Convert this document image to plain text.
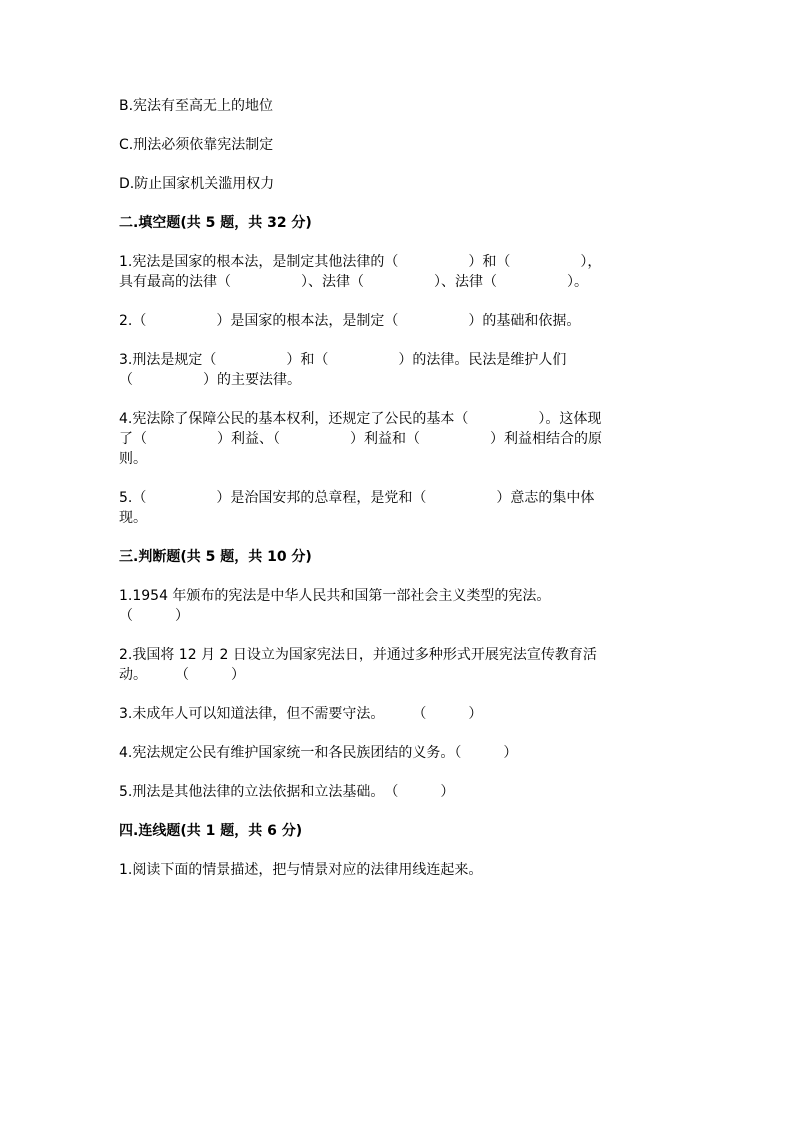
B.宪法有至高无上的地位
C.刑法必须依靠宪法制定
D.防止国家机关滥用权力
二.填空题(共 5 题，共 32 分)
1.宪法是国家的根本法，是制定其他法律的（　　　　　）和（　　　　　），
具有最高的法律（　　　　　）、法律（　　　　　）、法律（　　　　　）。
2.（　　　　　）是国家的根本法，是制定（　　　　　）的基础和依据。
3.刑法是规定（　　　　　）和（　　　　　）的法律。民法是维护人们
（　　　　　）的主要法律。
4.宪法除了保障公民的基本权利，还规定了公民的基本（　　　　　）。这体现
了（　　　　　）利益、（　　　　　）利益和（　　　　　）利益相结合的原
则。
5.（　　　　　）是治国安邦的总章程，是党和（　　　　　）意志的集中体
现。
三.判断题(共 5 题，共 10 分)
1.1954 年颁布的宪法是中华人民共和国第一部社会主义类型的宪法。
（　　　）
2.我国将 12 月 2 日设立为国家宪法日，并通过多种形式开展宪法宣传教育活
动。　　　（　　　）
3.未成年人可以知道法律，但不需要守法。　　　（　　　）
4.宪法规定公民有维护国家统一和各民族团结的义务。（　　　）
5.刑法是其他法律的立法依据和立法基础。　（　　　）
四.连线题(共 1 题，共 6 分)
1.阅读下面的情景描述，把与情景对应的法律用线连起来。
